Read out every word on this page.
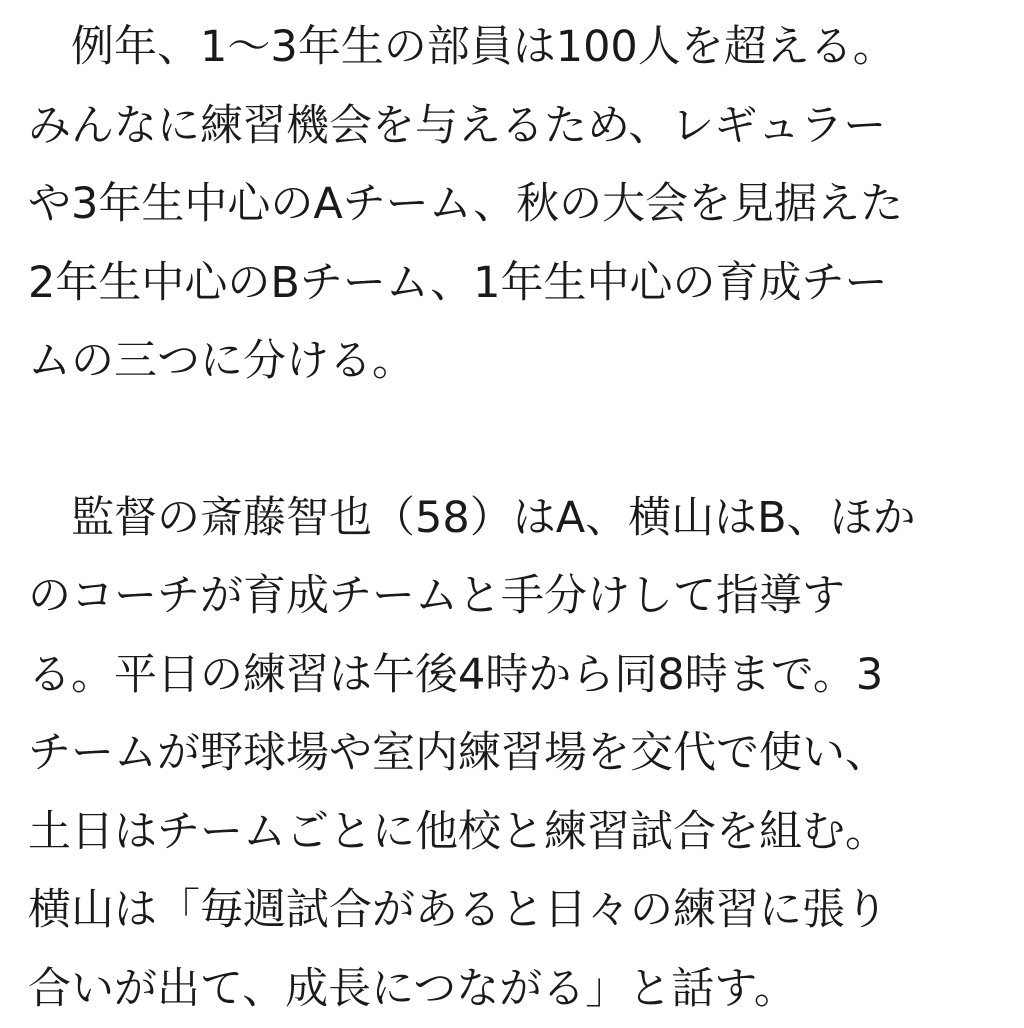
　例年、1〜3年生の部員は100人を超える。
みんなに練習機会を与えるため、レギュラー
や3年生中心のAチーム、秋の大会を見据えた
2年生中心のBチーム、1年生中心の育成チー
ムの三つに分ける。

　監督の斎藤智也（58）はA、横山はB、ほか
のコーチが育成チームと手分けして指導す
る。平日の練習は午後4時から同8時まで。3
チームが野球場や室内練習場を交代で使い、
土日はチームごとに他校と練習試合を組む。
横山は「毎週試合があると日々の練習に張り
合いが出て、成長につながる」と話す。
